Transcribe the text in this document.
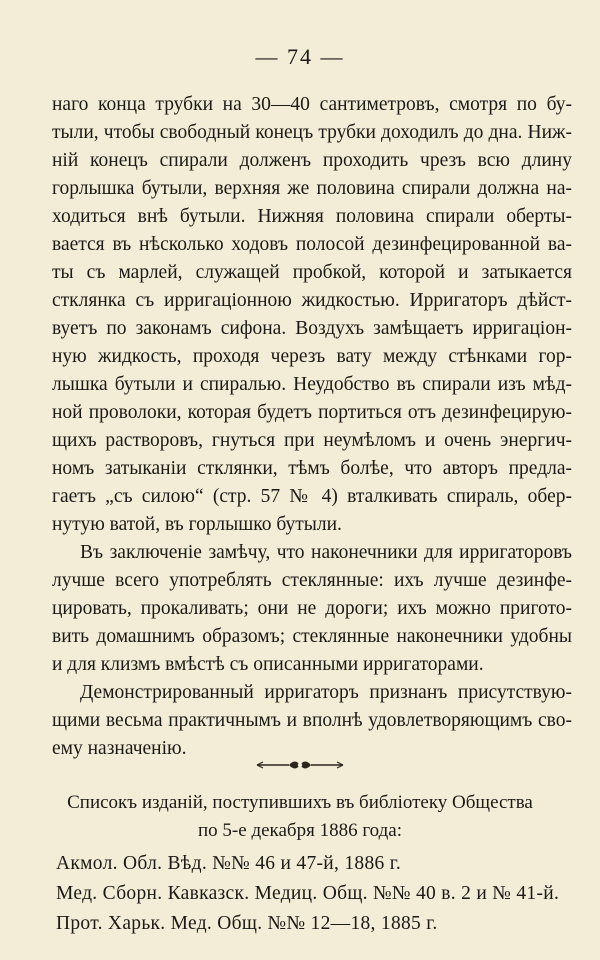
— 74 —
наго конца трубки на 30—40 сантиметровъ, смотря по бу-
тыли, чтобы свободный конецъ трубки доходилъ до дна. Ниж-
ній конецъ спирали долженъ проходить чрезъ всю длину
горлышка бутыли, верхняя же половина спирали должна на-
ходиться внѣ бутыли. Нижняя половина спирали оберты-
вается въ нѣсколько ходовъ полосой дезинфецированной ва-
ты съ марлей, служащей пробкой, которой и затыкается
стклянка съ ирригаціонною жидкостью. Ирригаторъ дѣйст-
вуетъ по законамъ сифона. Воздухъ замѣщаетъ ирригаціон-
ную жидкость, проходя черезъ вату между стѣнками гор-
лышка бутыли и спиралью. Неудобство въ спирали изъ мѣд-
ной проволоки, которая будетъ портиться отъ дезинфецирую-
щихъ растворовъ, гнуться при неумѣломъ и очень энергич-
номъ затыканіи стклянки, тѣмъ болѣе, что авторъ предла-
гаетъ „съ силою“ (стр. 57 № 4) вталкивать спираль, обер-
нутую ватой, въ горлышко бутыли.
Въ заключеніе замѣчу, что наконечники для ирригаторовъ
лучше всего употреблять стеклянные: ихъ лучше дезинфе-
цировать, прокаливать; они не дороги; ихъ можно пригото-
вить домашнимъ образомъ; стеклянные наконечники удобны
и для клизмъ вмѣстѣ съ описанными ирригаторами.
Демонстрированный ирригаторъ признанъ присутствую-
щими весьма практичнымъ и вполнѣ удовлетворяющимъ сво-
ему назначенію.
Списокъ изданій, поступившихъ въ библіотеку Общества
по 5-е декабря 1886 года:
Акмол. Обл. Вѣд. №№ 46 и 47-й, 1886 г.
Мед. Сборн. Кавказск. Медиц. Общ. №№ 40 в. 2 и № 41-й.
Прот. Харьк. Мед. Общ. №№ 12—18, 1885 г.
